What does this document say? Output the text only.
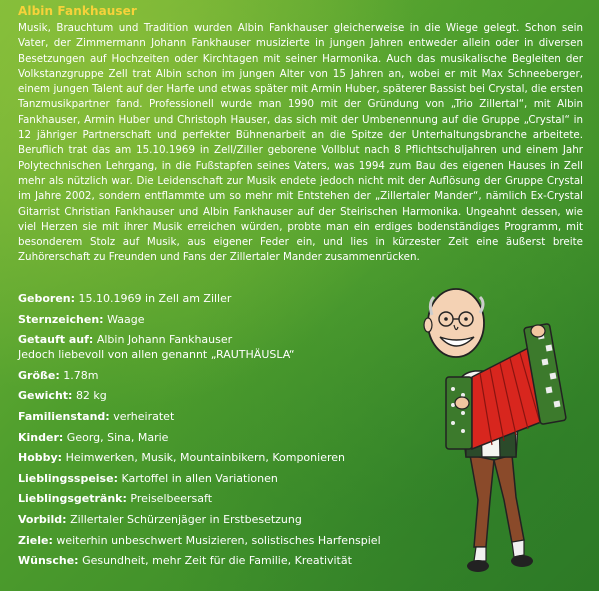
Albin Fankhauser

Musik, Brauchtum und Tradition wurden Albin Fankhauser gleicherweise in die Wiege gelegt. Schon sein Vater, der Zimmermann Johann Fankhauser musizierte in jungen Jahren entweder allein oder in diversen Besetzungen auf Hochzeiten oder Kirchtagen mit seiner Harmonika. Auch das musikalische Begleiten der Volkstanzgruppe Zell trat Albin schon im jungen Alter von 15 Jahren an, wobei er mit Max Schneeberger, einem jungen Talent auf der Harfe und etwas später mit Armin Huber, späterer Bassist bei Crystal, die ersten Tanzmusikpartner fand. Professionell wurde man 1990 mit der Gründung von „Trio Zillertal“, mit Albin Fankhauser, Armin Huber und Christoph Hauser, das sich mit der Umbenennung auf die Gruppe „Crystal“ in 12 jähriger Partnerschaft und perfekter Bühnenarbeit an die Spitze der Unterhaltungsbranche arbeitete. Beruflich trat das am 15.10.1969 in Zell/Ziller geborene Vollblut nach 8 Pflichtschuljahren und einem Jahr Polytechnischen Lehrgang, in die Fußstapfen seines Vaters, was 1994 zum Bau des eigenen Hauses in Zell mehr als nützlich war. Die Leidenschaft zur Musik endete jedoch nicht mit der Auflösung der Gruppe Crystal im Jahre 2002, sondern entflammte um so mehr mit Entstehen der „Zillertaler Mander“, nämlich Ex-Crystal Gitarrist Christian Fankhauser und Albin Fankhauser auf der Steirischen Harmonika. Ungeahnt dessen, wie viel Herzen sie mit ihrer Musik erreichen würden, probte man ein erdiges bodenständiges Programm, mit besonderem Stolz auf Musik, aus eigener Feder ein, und lies in kürzester Zeit eine äußerst breite Zuhörerschaft zu Freunden und Fans der Zillertaler Mander zusammenrücken.

Geboren: 15.10.1969 in Zell am Ziller
Sternzeichen: Waage
Getauft auf: Albin Johann Fankhauser
Jedoch liebevoll von allen genannt „RAUTHÄUSLA“
Größe: 1.78m
Gewicht: 82 kg
Familienstand: verheiratet
Kinder: Georg, Sina, Marie
Hobby: Heimwerken, Musik, Mountainbikern, Komponieren
Lieblingsspeise: Kartoffel in allen Variationen
Lieblingsgetränk: Preiselbeersaft
Vorbild: Zillertaler Schürzenjäger in Erstbesetzung
Ziele: weiterhin unbeschwert Musizieren, solistisches Harfenspiel
Wünsche: Gesundheit, mehr Zeit für die Familie, Kreativität
